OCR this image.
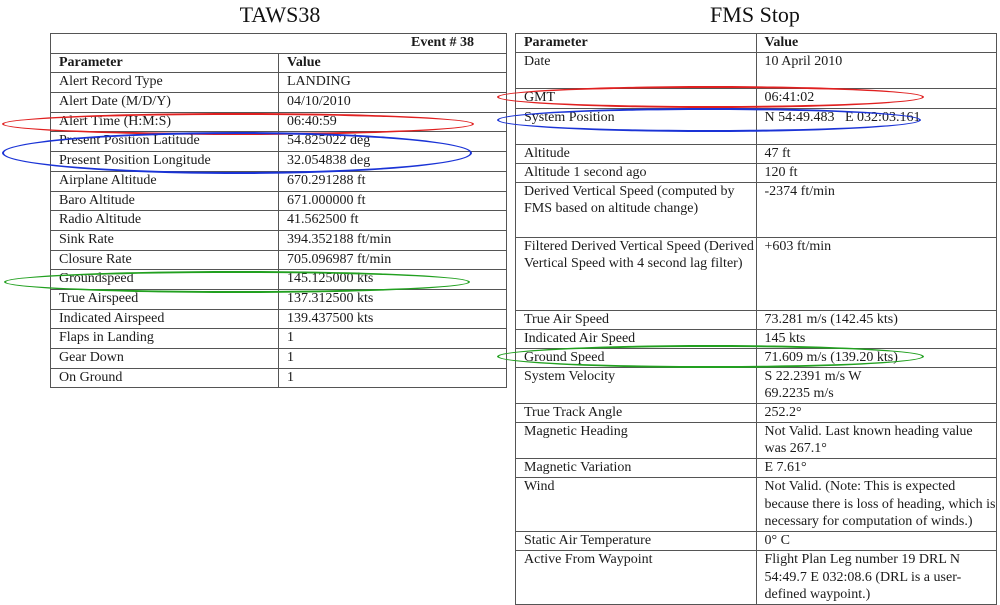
TAWS38	FMS Stop
Event # 38	
Parameter	Value
Alert Record Type	LANDING
Alert Date (M/D/Y)	04/10/2010
Alert Time (H:M:S)	06:40:59
Present Position Latitude	54.825022 deg
Present Position Longitude	32.054838 deg
Airplane Altitude	670.291288 ft
Baro Altitude	671.000000 ft
Radio Altitude	41.562500 ft
Sink Rate	394.352188 ft/min
Closure Rate	705.096987 ft/min
Groundspeed	145.125000 kts
True Airspeed	137.312500 kts
Indicated Airspeed	139.437500 kts
Flaps in Landing	1
Gear Down	1
On Ground	1
Parameter	Value
Date	10 April 2010
GMT	06:41:02
System Position	N 54:49.483   E 032:03.161
Altitude	47 ft
Altitude 1 second ago	120 ft
Derived Vertical Speed (computed by FMS based on altitude change)	-2374 ft/min
Filtered Derived Vertical Speed (Derived Vertical Speed with 4 second lag filter)	+603 ft/min
True Air Speed	73.281 m/s (142.45 kts)
Indicated Air Speed	145 kts
Ground Speed	71.609 m/s (139.20 kts)
System Velocity	S 22.2391 m/s W 69.2235 m/s
True Track Angle	252.2°
Magnetic Heading	Not Valid. Last known heading value was 267.1°
Magnetic Variation	E 7.61°
Wind	Not Valid. (Note: This is expected because there is loss of heading, which is necessary for computation of winds.)
Static Air Temperature	0° C
Active From Waypoint	Flight Plan Leg number 19 DRL N 54:49.7 E 032:08.6 (DRL is a user-defined waypoint.)
